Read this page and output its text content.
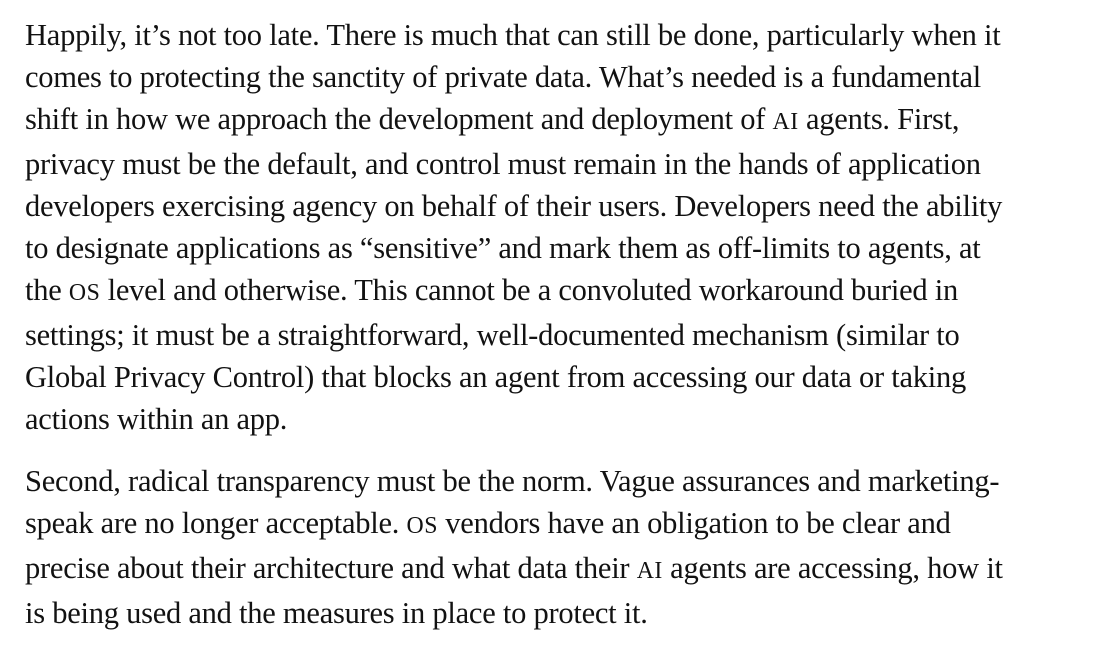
Happily, it’s not too late. There is much that can still be done, particularly when it
comes to protecting the sanctity of private data. What’s needed is a fundamental
shift in how we approach the development and deployment of AI agents. First,
privacy must be the default, and control must remain in the hands of application
developers exercising agency on behalf of their users. Developers need the ability
to designate applications as “sensitive” and mark them as off-limits to agents, at
the OS level and otherwise. This cannot be a convoluted workaround buried in
settings; it must be a straightforward, well-documented mechanism (similar to
Global Privacy Control) that blocks an agent from accessing our data or taking
actions within an app.

Second, radical transparency must be the norm. Vague assurances and marketing-
speak are no longer acceptable. OS vendors have an obligation to be clear and
precise about their architecture and what data their AI agents are accessing, how it
is being used and the measures in place to protect it.
